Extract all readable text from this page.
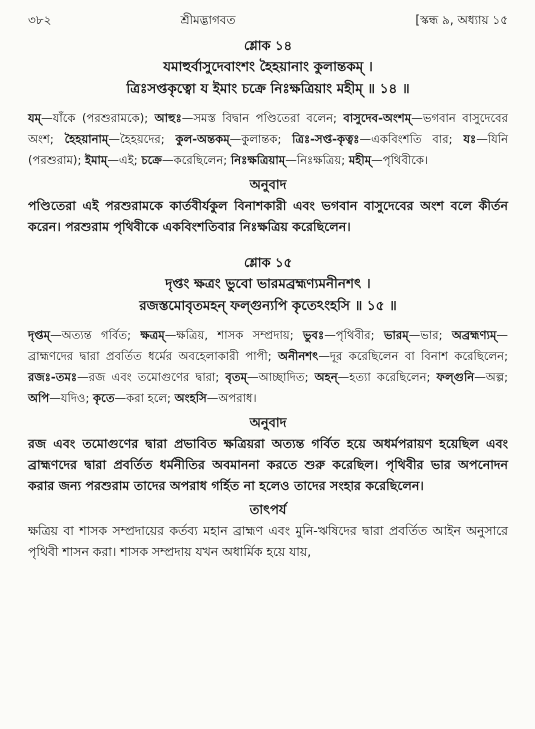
৩৮২	শ্রীমদ্ভাগবত	[স্কন্ধ ৯, অধ্যায় ১৫
শ্লোক ১৪
যমাহুর্বাসুদেবাংশং হৈহয়ানাং কুলান্তকম্ ।
ত্রিঃসপ্তকৃত্বো য ইমাং চক্রে নিঃক্ষত্রিয়াং মহীম্ ॥ ১৪ ॥
যম্—যাঁকে (পরশুরামকে); আহুঃ—সমস্ত বিদ্বান পণ্ডিতেরা বলেন; বাসুদেব-অংশম্—ভগবান বাসুদেবের অংশ; হৈহয়ানাম্—হৈহয়দের; কুল-অন্তকম্—কুলান্তক; ত্রিঃ-সপ্ত-কৃত্বঃ—একবিংশতি বার; যঃ—যিনি (পরশুরাম); ইমাম্—এই; চক্রে—করেছিলেন; নিঃক্ষত্রিয়াম্—নিঃক্ষত্রিয়; মহীম্—পৃথিবীকে।
অনুবাদ
পণ্ডিতেরা এই পরশুরামকে কার্তবীর্যকুল বিনাশকারী এবং ভগবান বাসুদেবের অংশ বলে কীর্তন করেন। পরশুরাম পৃথিবীকে একবিংশতিবার নিঃক্ষত্রিয় করেছিলেন।
শ্লোক ১৫
দৃপ্তং ক্ষত্রং ভুবো ভারমব্রহ্মণ্যমনীনশৎ ।
রজস্তমোবৃতমহন্ ফল্গুন্যপি কৃতেঽংহসি ॥ ১৫ ॥
দৃপ্তম্—অত্যন্ত গর্বিত; ক্ষত্রম্—ক্ষত্রিয়, শাসক সম্প্রদায়; ভুবঃ—পৃথিবীর; ভারম্—ভার; অব্রহ্মণ্যম্—ব্রাহ্মণদের দ্বারা প্রবর্তিত ধর্মের অবহেলাকারী পাপী; অনীনশৎ—দূর করেছিলেন বা বিনাশ করেছিলেন; রজঃ-তমঃ—রজ এবং তমোগুণের দ্বারা; বৃতম্—আচ্ছাদিত; অহন্—হত্যা করেছিলেন; ফল্গুনি—অল্প; অপি—যদিও; কৃতে—করা হলে; অংহসি—অপরাধ।
অনুবাদ
রজ এবং তমোগুণের দ্বারা প্রভাবিত ক্ষত্রিয়রা অত্যন্ত গর্বিত হয়ে অধর্মপরায়ণ হয়েছিল এবং ব্রাহ্মণদের দ্বারা প্রবর্তিত ধর্মনীতির অবমাননা করতে শুরু করেছিল। পৃথিবীর ভার অপনোদন করার জন্য পরশুরাম তাদের অপরাধ গর্হিত না হলেও তাদের সংহার করেছিলেন।
তাৎপর্য
ক্ষত্রিয় বা শাসক সম্প্রদায়ের কর্তব্য মহান ব্রাহ্মণ এবং মুনি-ঋষিদের দ্বারা প্রবর্তিত আইন অনুসারে পৃথিবী শাসন করা। শাসক সম্প্রদায় যখন অধার্মিক হয়ে যায়,
